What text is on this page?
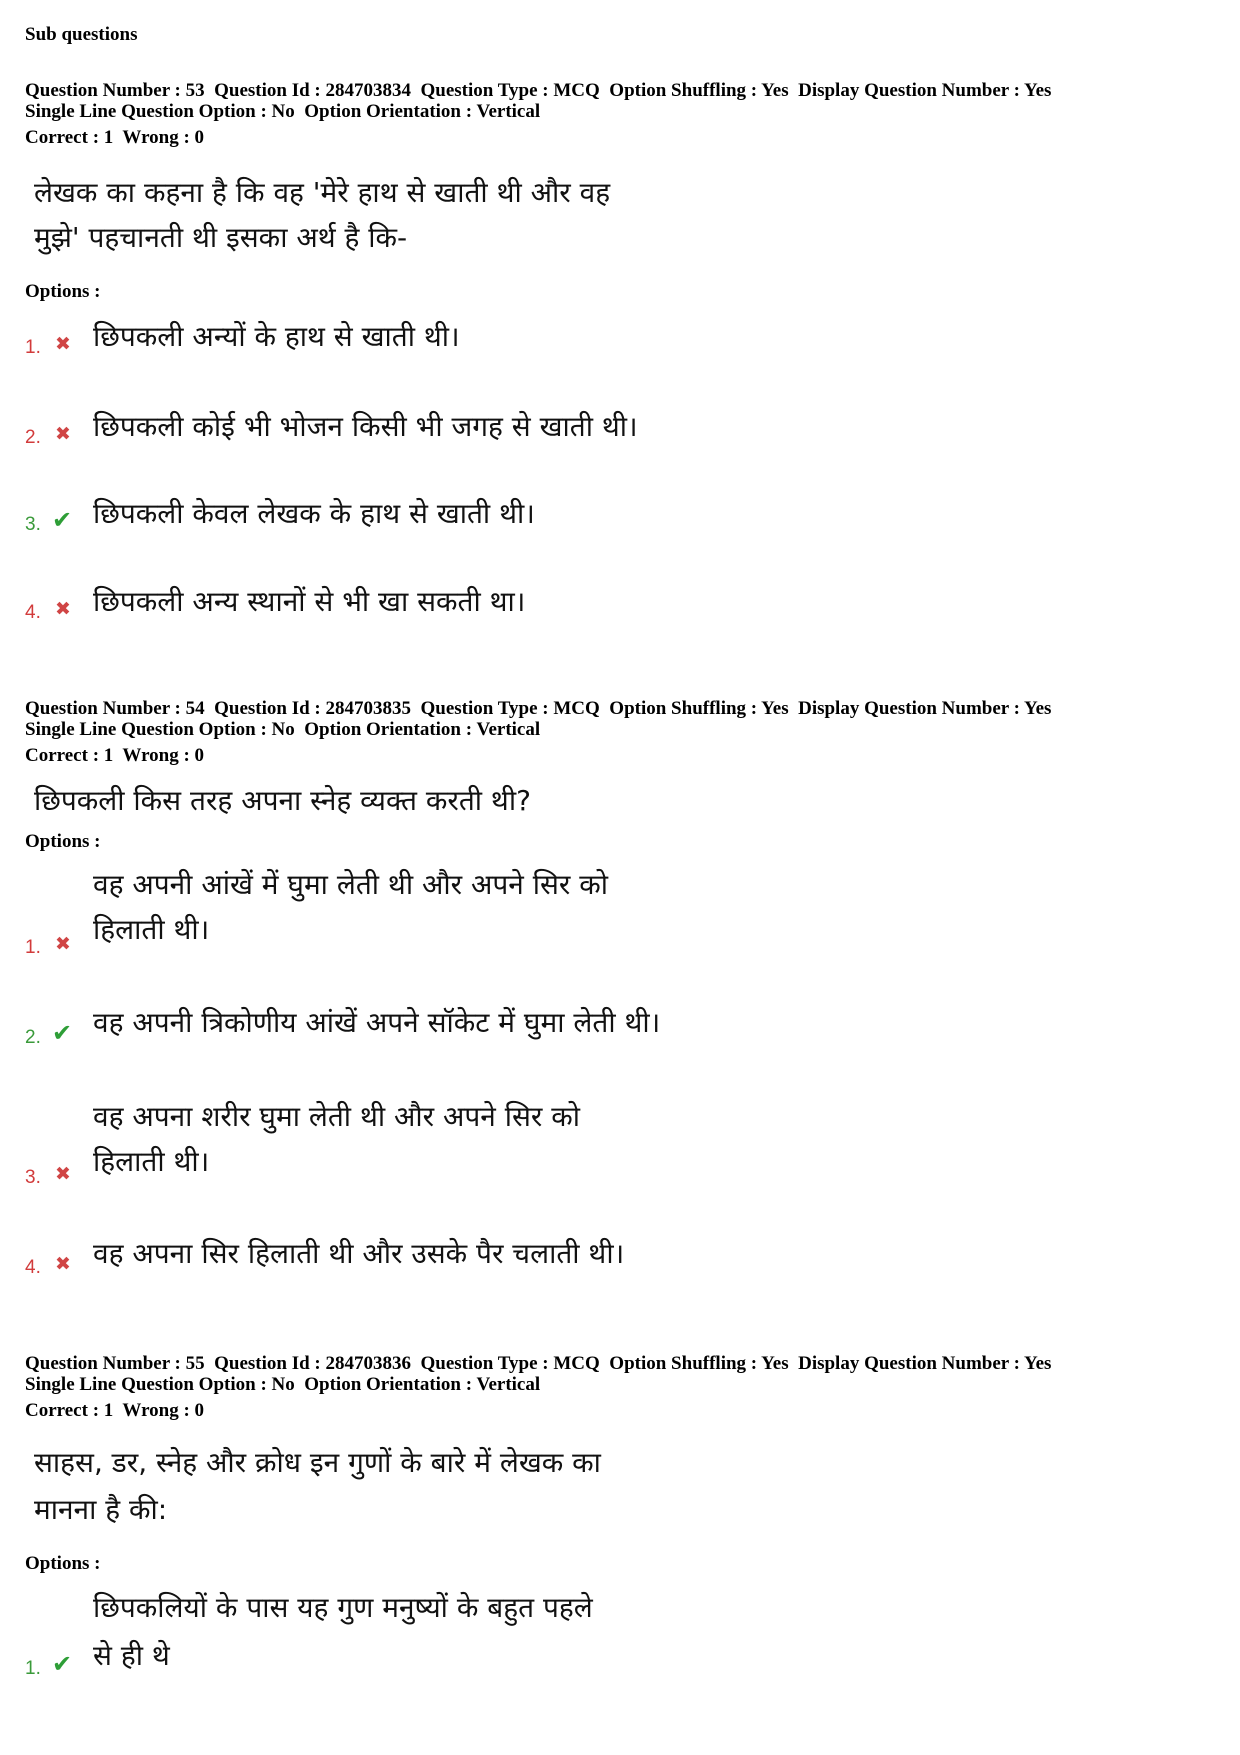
Sub questions
Question Number : 53  Question Id : 284703834  Question Type : MCQ  Option Shuffling : Yes  Display Question Number : Yes
Single Line Question Option : No  Option Orientation : Vertical
Correct : 1  Wrong : 0
लेखक का कहना है कि वह 'मेरे हाथ से खाती थी और वह
मुझे' पहचानती थी इसका अर्थ है कि-
Options :
1. ✖ छिपकली अन्यों के हाथ से खाती थी।
2. ✖ छिपकली कोई भी भोजन किसी भी जगह से खाती थी।
3. ✔ छिपकली केवल लेखक के हाथ से खाती थी।
4. ✖ छिपकली अन्य स्थानों से भी खा सकती था।
Question Number : 54  Question Id : 284703835  Question Type : MCQ  Option Shuffling : Yes  Display Question Number : Yes
Single Line Question Option : No  Option Orientation : Vertical
Correct : 1  Wrong : 0
छिपकली किस तरह अपना स्नेह व्यक्त करती थी?
Options :
1. ✖
वह अपनी आंखें में घुमा लेती थी और अपने सिर को
हिलाती थी।
2. ✔ वह अपनी त्रिकोणीय आंखें अपने सॉकेट में घुमा लेती थी।
3. ✖
वह अपना शरीर घुमा लेती थी और अपने सिर को
हिलाती थी।
4. ✖ वह अपना सिर हिलाती थी और उसके पैर चलाती थी।
Question Number : 55  Question Id : 284703836  Question Type : MCQ  Option Shuffling : Yes  Display Question Number : Yes
Single Line Question Option : No  Option Orientation : Vertical
Correct : 1  Wrong : 0
साहस, डर, स्नेह और क्रोध इन गुणों के बारे में लेखक का
मानना है की:
Options :
1. ✔
छिपकलियों के पास यह गुण मनुष्यों के बहुत पहले
से ही थे
